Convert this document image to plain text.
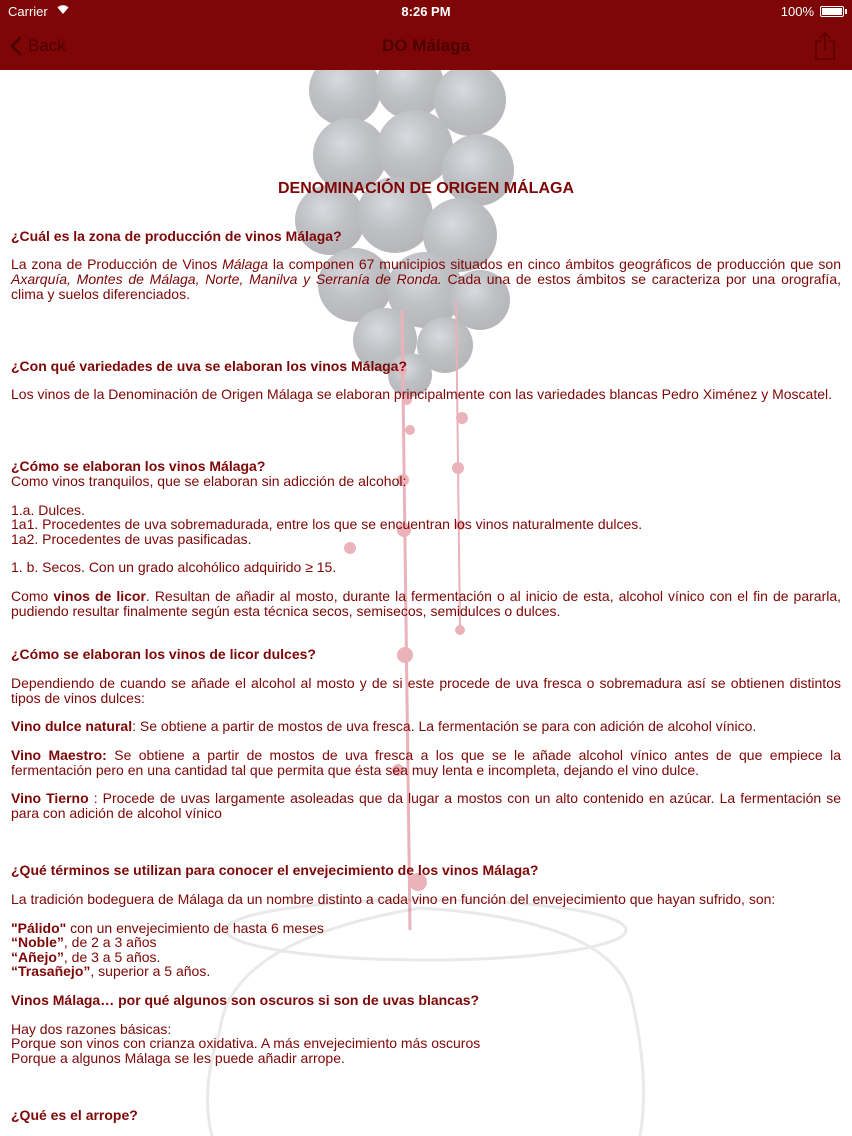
Carrier	8:26 PM	100%
Back	DO Málaga
DENOMINACIÓN DE ORIGEN MÁLAGA

¿Cuál es la zona de producción de vinos Málaga?

La zona de Producción de Vinos Málaga la componen 67 municipios situados en cinco ámbitos geográficos de producción que son Axarquía, Montes de Málaga, Norte, Manilva y Serranía de Ronda. Cada una de estos ámbitos se caracteriza por una orografía, clima y suelos diferenciados.

¿Con qué variedades de uva se elaboran los vinos Málaga?

Los vinos de la Denominación de Origen Málaga se elaboran principalmente con las variedades blancas Pedro Ximénez y Moscatel.

¿Cómo se elaboran los vinos Málaga?

Como vinos tranquilos, que se elaboran sin adicción de alcohol:

1.a. Dulces.

1a1. Procedentes de uva sobremadurada, entre los que se encuentran los vinos naturalmente dulces.

1a2. Procedentes de uvas pasificadas.

1. b. Secos. Con un grado alcohólico adquirido ≥ 15.

Como vinos de licor. Resultan de añadir al mosto, durante la fermentación o al inicio de esta, alcohol vínico con el fin de pararla, pudiendo resultar finalmente según esta técnica secos, semisecos, semidulces o dulces.

¿Cómo se elaboran los vinos de licor dulces?

Dependiendo de cuando se añade el alcohol al mosto y de si este procede de uva fresca o sobremadura así se obtienen distintos tipos de vinos dulces:

Vino dulce natural: Se obtiene a partir de mostos de uva fresca. La fermentación se para con adición de alcohol vínico.

Vino Maestro: Se obtiene a partir de mostos de uva fresca a los que se le añade alcohol vínico antes de que empiece la fermentación pero en una cantidad tal que permita que ésta sea muy lenta e incompleta, dejando el vino dulce.

Vino Tierno : Procede de uvas largamente asoleadas que da lugar a mostos con un alto contenido en azúcar. La fermentación se para con adición de alcohol vínico

¿Qué términos se utilizan para conocer el envejecimiento de los vinos Málaga?

La tradición bodeguera de Málaga da un nombre distinto a cada vino en función del envejecimiento que hayan sufrido, son:

"Pálido" con un envejecimiento de hasta 6 meses

“Noble”, de 2 a 3 años

“Añejo”, de 3 a 5 años.

“Trasañejo”, superior a 5 años.

Vinos Málaga… por qué algunos son oscuros si son de uvas blancas?

Hay dos razones básicas:

Porque son vinos con crianza oxidativa. A más envejecimiento más oscuros

Porque a algunos Málaga se les puede añadir arrope.

¿Qué es el arrope?
